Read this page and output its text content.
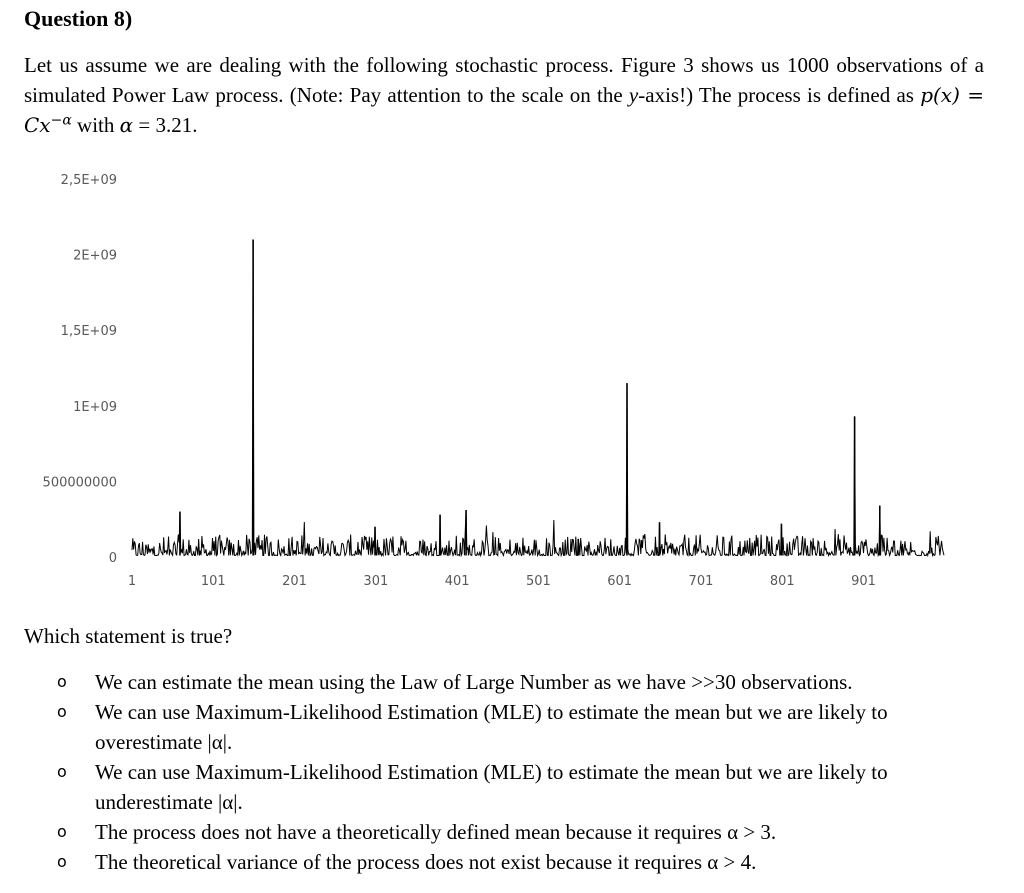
Question 8)
Let us assume we are dealing with the following stochastic process. Figure 3 shows us 1000 observations of a simulated Power Law process. (Note: Pay attention to the scale on the y-axis!) The process is defined as $p(x) = Cx^{-\alpha}$ with α = 3.21.
0
500000000
1E+09
1,5E+09
2E+09
2,5E+09
1	101	201	301	401	501	601	701	801	901
Which statement is true?
o We can estimate the mean using the Law of Large Number as we have >>30 observations.
o We can use Maximum-Likelihood Estimation (MLE) to estimate the mean but we are likely to overestimate |α|.
o We can use Maximum-Likelihood Estimation (MLE) to estimate the mean but we are likely to underestimate |α|.
o The process does not have a theoretically defined mean because it requires α > 3.
o The theoretical variance of the process does not exist because it requires α > 4.
